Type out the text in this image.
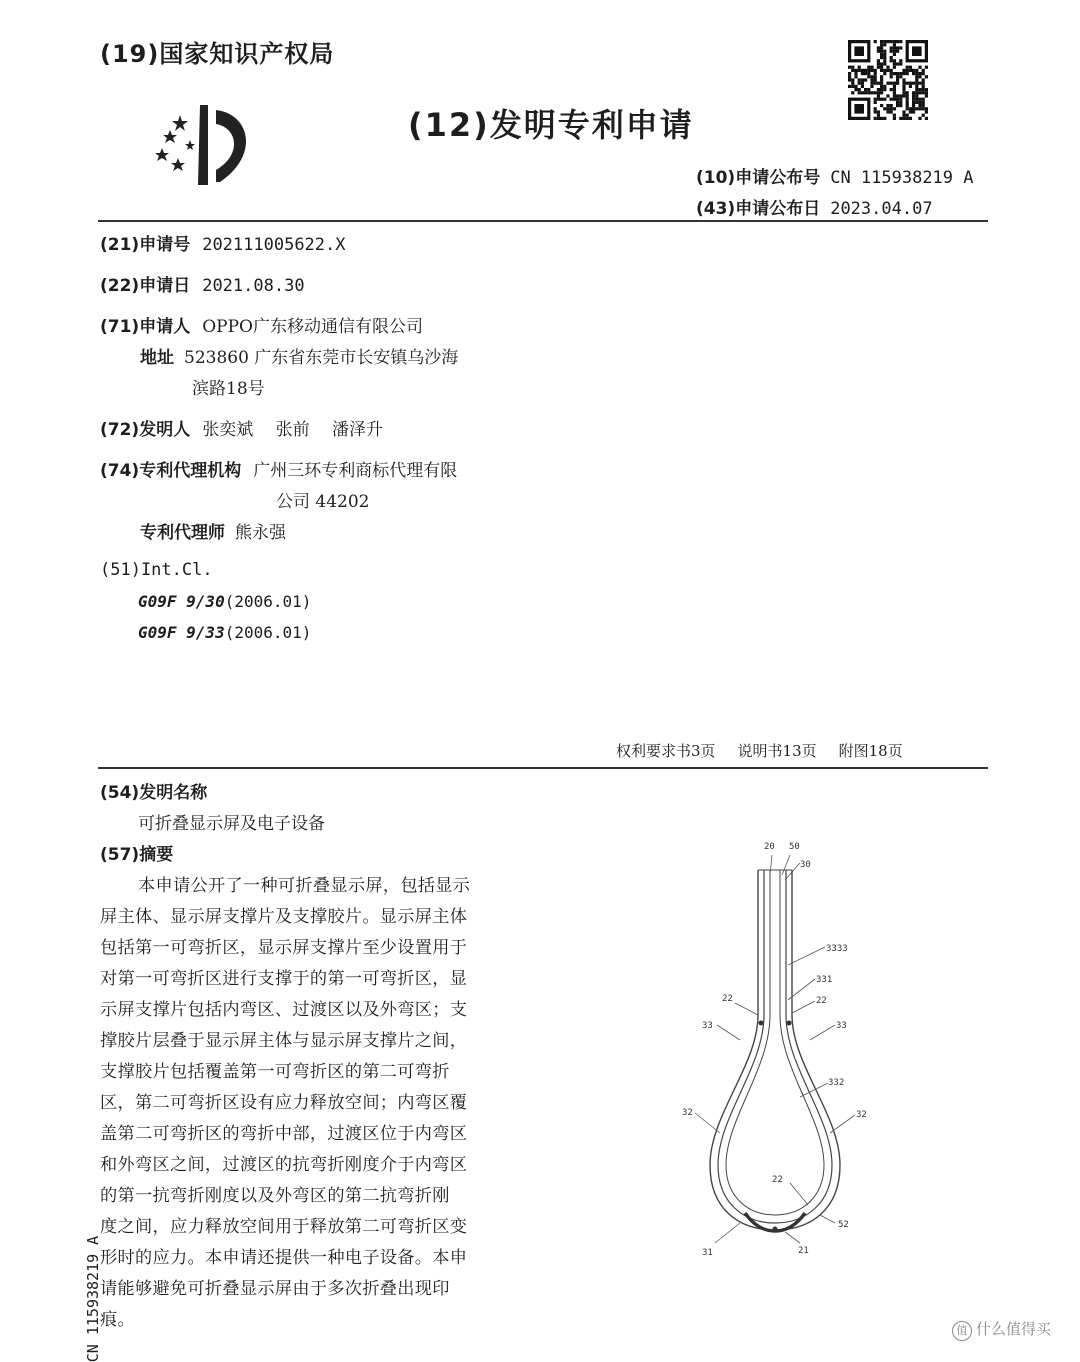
(19)国家知识产权局
(12)发明专利申请
(10)申请公布号 CN 115938219 A
(43)申请公布日 2023.04.07
(21)申请号 202111005622.X
(22)申请日 2021.08.30
(71)申请人 OPPO广东移动通信有限公司
地址 523860 广东省东莞市长安镇乌沙海
滨路18号
(72)发明人 张奕斌　 张前　 潘泽升
(74)专利代理机构 广州三环专利商标代理有限
公司 44202
专利代理师 熊永强
(51)Int.Cl.
G09F 9/30(2006.01)
G09F 9/33(2006.01)
权利要求书3页 说明书13页 附图18页
(54)发明名称
可折叠显示屏及电子设备
(57)摘要
本申请公开了一种可折叠显示屏，包括显示
屏主体、显示屏支撑片及支撑胶片。显示屏主体
包括第一可弯折区，显示屏支撑片至少设置用于
对第一可弯折区进行支撑于的第一可弯折区，显
示屏支撑片包括内弯区、过渡区以及外弯区；支
撑胶片层叠于显示屏主体与显示屏支撑片之间，
支撑胶片包括覆盖第一可弯折区的第二可弯折
区，第二可弯折区设有应力释放空间；内弯区覆
盖第二可弯折区的弯折中部，过渡区位于内弯区
和外弯区之间，过渡区的抗弯折刚度介于内弯区
的第一抗弯折刚度以及外弯区的第二抗弯折刚
度之间，应力释放空间用于释放第二可弯折区变
形时的应力。本申请还提供一种电子设备。本申
请能够避免可折叠显示屏由于多次折叠出现印
痕。
20 50
30
3333
331
22
22
33	33
332
32	32
22
52
31	21
CN 115938219 A	值 什么值得买
